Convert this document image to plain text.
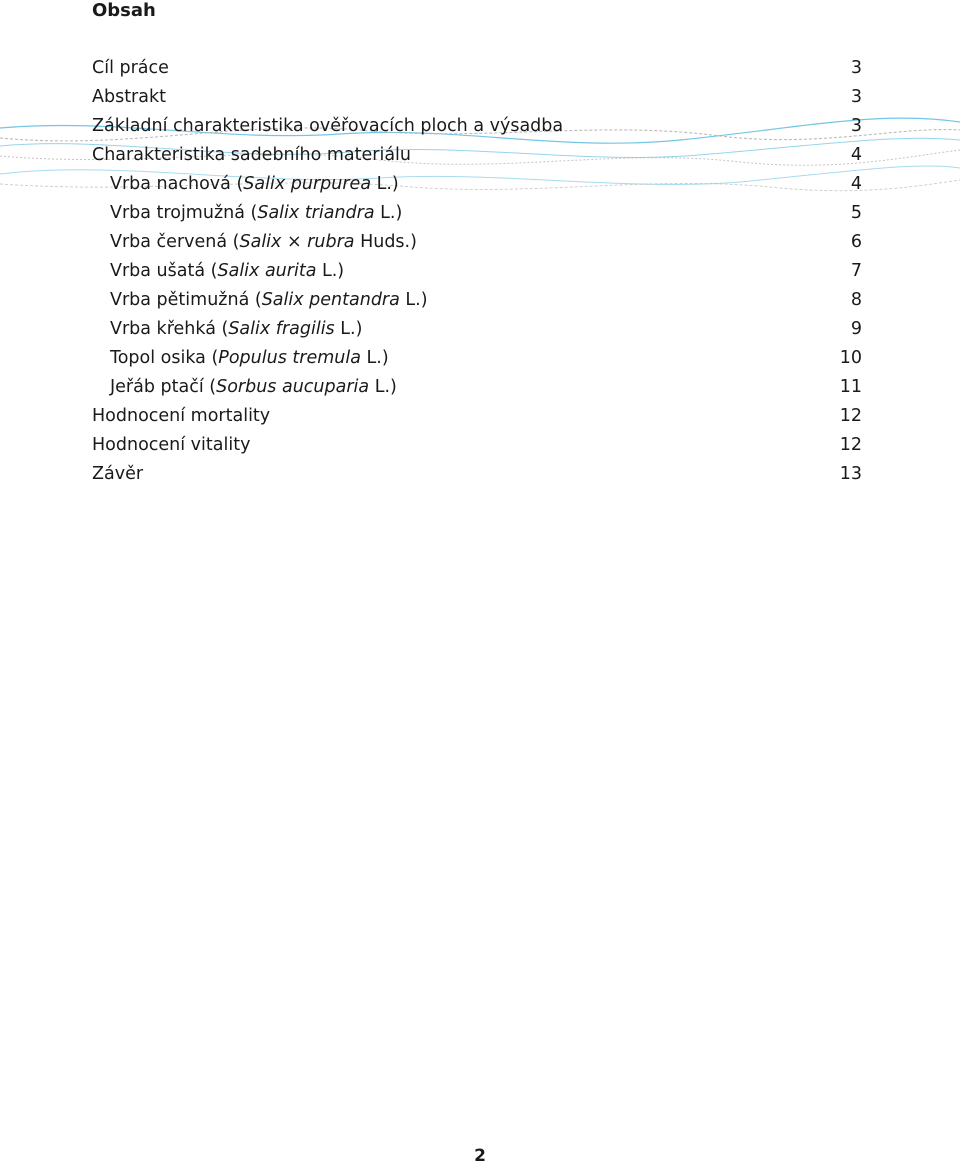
Obsah
Cíl práce	3
Abstrakt	3
Základní charakteristika ověřovacích ploch a výsadba	3
Charakteristika sadebního materiálu	4
Vrba nachová (Salix purpurea L.)	4
Vrba trojmužná (Salix triandra L.)	5
Vrba červená (Salix × rubra Huds.)	6
Vrba ušatá (Salix aurita L.)	7
Vrba pětimužná (Salix pentandra L.)	8
Vrba křehká (Salix fragilis L.)	9
Topol osika (Populus tremula L.)	10
Jeřáb ptačí (Sorbus aucuparia L.)	11
Hodnocení mortality	12
Hodnocení vitality	12
Závěr	13
2
